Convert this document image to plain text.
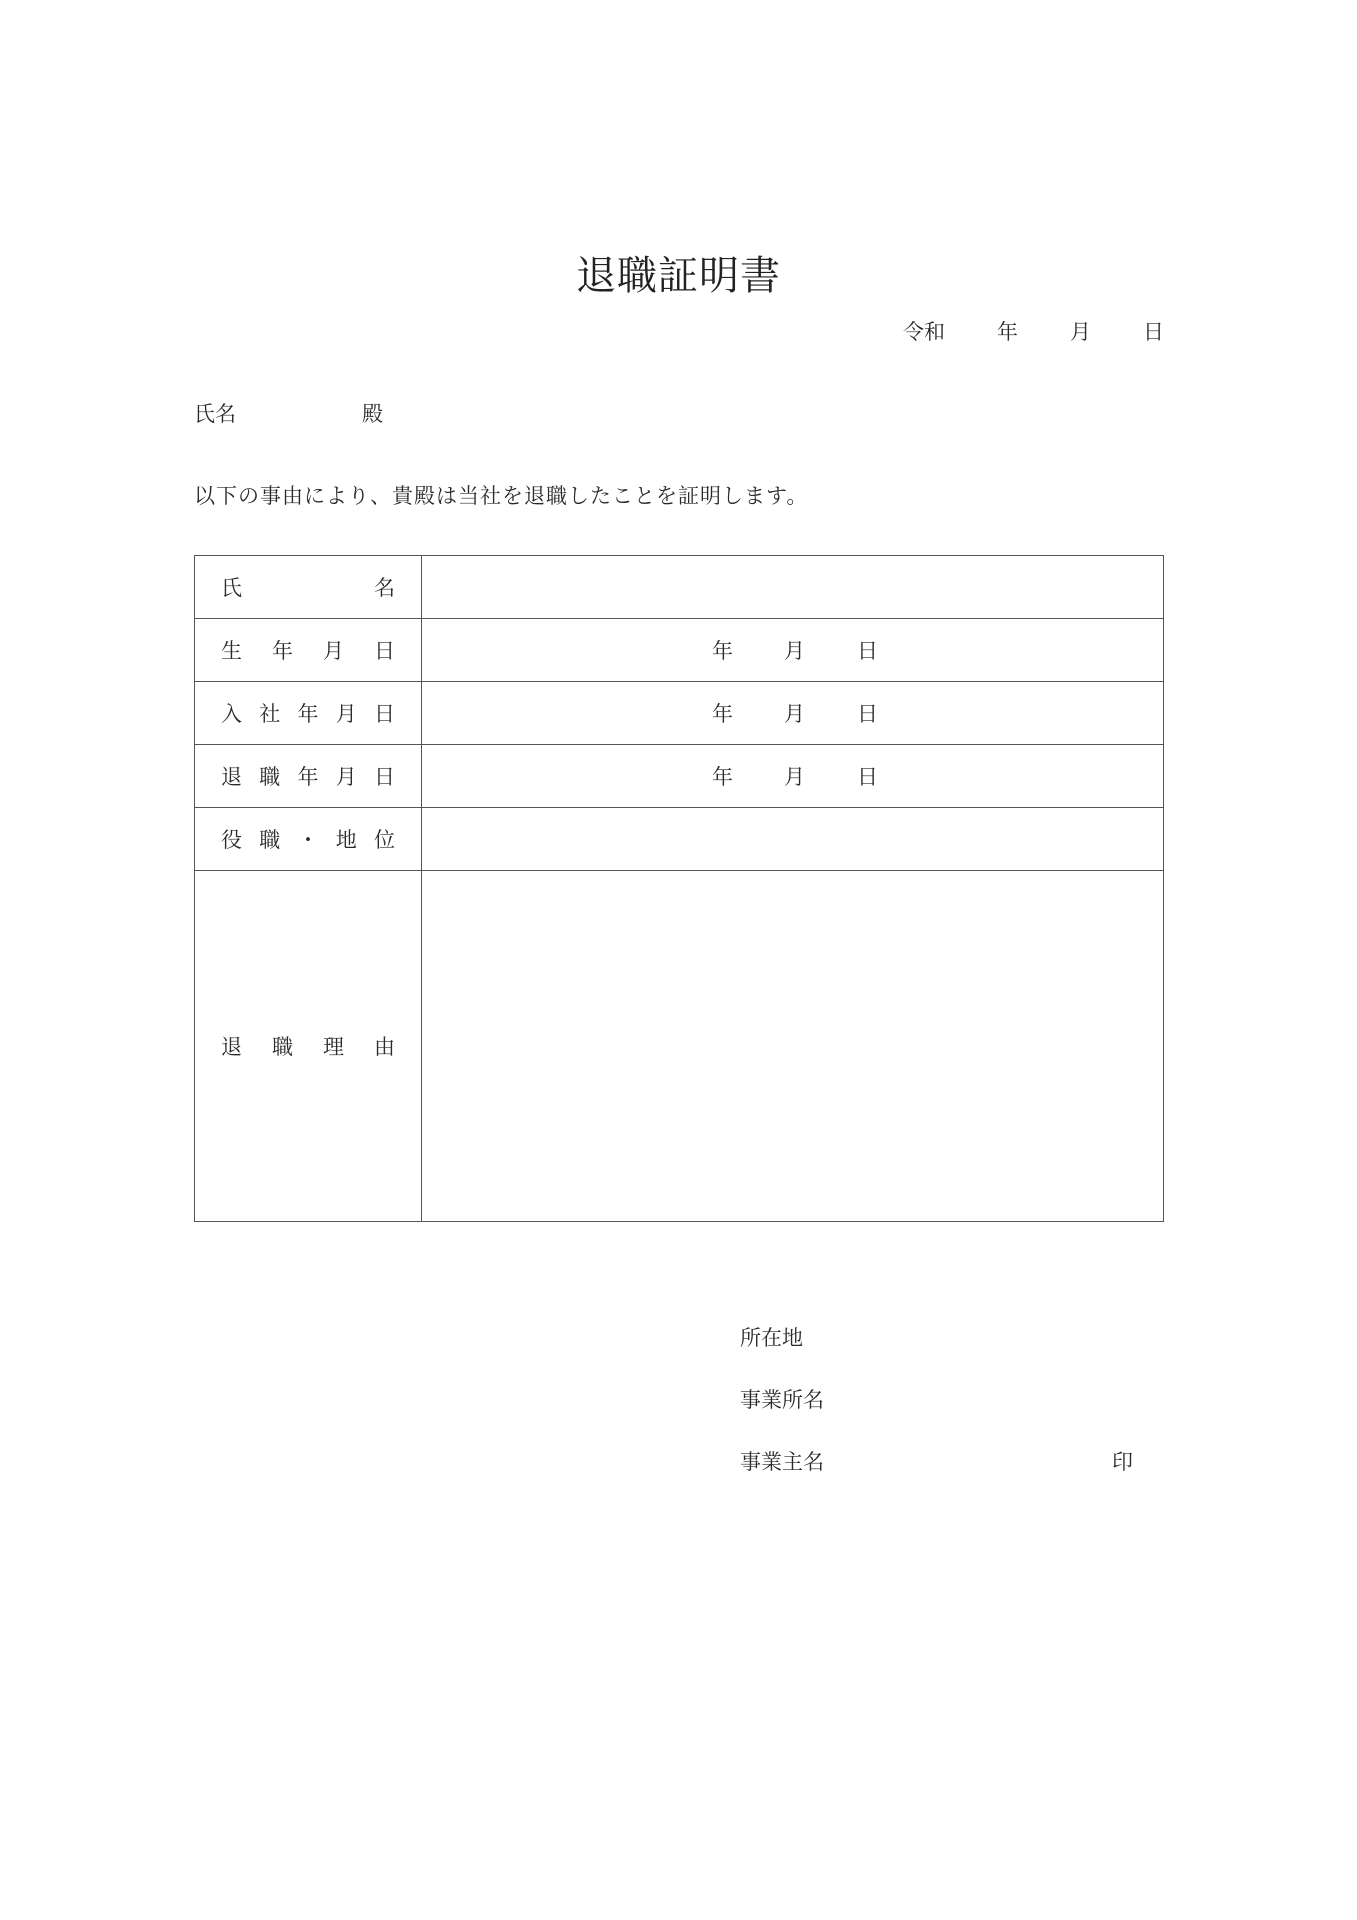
退職証明書
令和 年 月 日
氏名	殿
以下の事由により、貴殿は当社を退職したことを証明します。
氏 名	

生 年 月 日	年 月 日

入 社 年 月 日	年 月 日

退 職 年 月 日	年 月 日

役 職 ・ 地 位	

退 職 理 由	

所在地
事業所名
事業主名	印
